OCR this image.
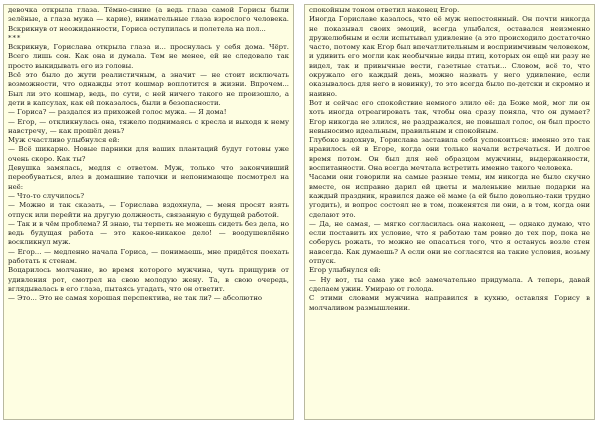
девочка открыла глаза. Тёмно-синие (а ведь глаза самой Горисы были зелёные, а глаза мужа — карие), внимательные глаза взрослого человека. Вскрикнув от неожиданности, Гориса оступилась и полетела на пол...

***

Вскрикнув, Гориславa открыла глаза и... проснулась у себя дома. Чёрт. Всего лишь сон. Как она и думала. Тем не менее, ей не следовало так просто выкидывать его из головы.

Всё это было до жути реалистичным, а значит — не стоит исключать возможности, что однажды этот кошмар воплотится в жизни. Впрочем... Был ли это кошмар, ведь, по сути, с ней ничего такого не произошло, а дети в капсулах, как ей показалось, были в безопасности.

— Гориса? — раздался из прихожей голос мужа. — Я дома!

— Егор, — откликнулась она, тяжело поднимаясь с кресла и выходя к нему навстречу, — как прошёл день?

Муж счастливо улыбнулся ей:

— Всё шикарно. Новые парники для ваших плантаций будут готовы уже очень скоро. Как ты?

Девушка замялась, медля с ответом. Муж, только что закончивший переобуваться, влез в домашние тапочки и непонимающе посмотрел на неё:

— Что-то случилось?

— Можно и так сказать, — Гориславa вздохнула, — меня просят взять отпуск или перейти на другую должность, связанную с будущей работой.

— Так и в чём проблема? Я знаю, ты терпеть не можешь сидеть без дела, но ведь будущая работа — это какое-никакое дело! — воодушевлённо воскликнул муж.

— Егор... — медленно начала Гориса, — понимаешь, мне придётся поехать работать к стенам.

Воцарилось молчание, во время которого мужчина, чуть прищурив от удивления рот, смотрел на свою молодую жену. Та, в свою очередь, вглядывалась в его глаза, пытаясь угадать, что он ответит.

— Это... Это не самая хорошая перспектива, не так ли? — абсолютно

спокойным тоном ответил наконец Егор.

Иногда Гориславе казалось, что её муж непостоянный. Он почти никогда не показывал своих эмоций, всегда улыбался, оставался неизменно дружелюбным и если испытывал удивление (а это происходило достаточно часто, потому как Егор был впечатлительным и восприимчивым человеком, и удивить его могли как необычные виды птиц, которых он ещё ни разу не видел, так и привычные вести, газетные статьи... Словом, всё то, что окружало его каждый день, можно назвать у него удивление, если оказывалось для него в новинку), то это всегда было по-детски и скромно и наивно.

Вот и сейчас его спокойствие немного злило её: да Боже мой, мог ли он хоть иногда отреагировать так, чтобы она сразу поняла, что он думает? Егор никогда не злился, не раздражался, не повышал голос, он был просто невыносимо идеальным, правильным и спокойным.

Глубоко вздохнув, Гориславa заставила себя успокоиться: именно это так нравилось ей в Егоре, когда они только начали встречаться. И долгое время потом. Он был для неё образцом мужчины, выдержанности, воспитанности. Она всегда мечтала встретить именно такого человека.

Часами они говорили на самые разные темы, им никогда не было скучно вместе, он исправно дарил ей цветы и маленькие милые подарки на каждый праздник, нравился даже её маме (а ей было довольно-таки трудно угодить), и вопрос состоял не в том, поженятся ли они, а в том, когда они сделают это.

— Да, не самая, — мягко согласилась она наконец, — однако думаю, что если поставить их условие, что я работаю там ровно до тех пор, пока не соберусь рожать, то можно не опасаться того, что я останусь возле стен навсегда. Как думаешь? А если они не согласятся на такие условия, возьму отпуск.

Егор улыбнулся ей:

— Ну вот, ты сама уже всё замечательно придумала. А теперь, давай сделаем ужин. Умираю от голода.

С этими словами мужчина направился в кухню, оставляя Горису в молчаливом размышлении.
